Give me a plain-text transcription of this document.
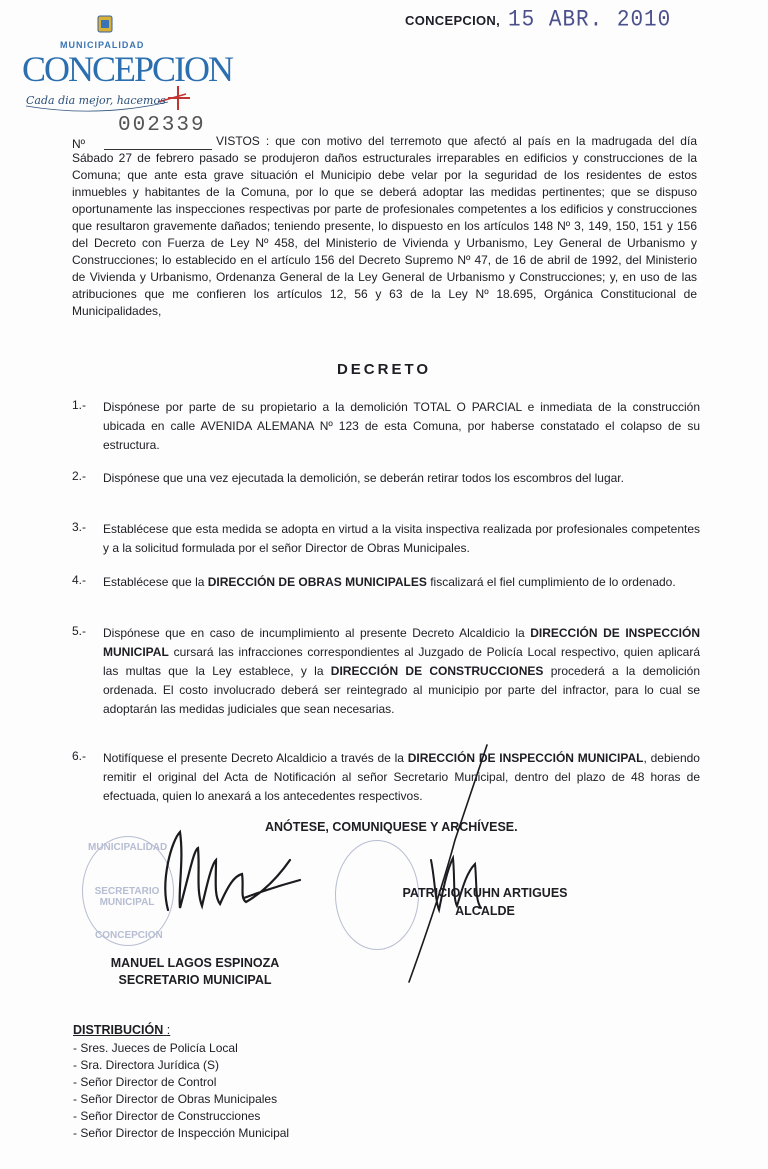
MUNICIPALIDAD
CONCEPCION
Cada dia mejor, hacemos
CONCEPCION, 15 ABR. 2010
002339
Nº	VISTOS : que con motivo del terremoto que afectó al país en la madrugada del día Sábado 27 de febrero pasado se produjeron daños estructurales irreparables en edificios y construcciones de la Comuna; que ante esta grave situación el Municipio debe velar por la seguridad de los residentes de estos inmuebles y habitantes de la Comuna, por lo que se deberá adoptar las medidas pertinentes; que se dispuso oportunamente las inspecciones respectivas por parte de profesionales competentes a los edificios y construcciones que resultaron gravemente dañados; teniendo presente, lo dispuesto en los artículos 148 Nº 3, 149, 150, 151 y 156 del Decreto con Fuerza de Ley Nº 458, del Ministerio de Vivienda y Urbanismo, Ley General de Urbanismo y Construcciones; lo establecido en el artículo 156 del Decreto Supremo Nº 47, de 16 de abril de 1992, del Ministerio de Vivienda y Urbanismo, Ordenanza General de la Ley General de Urbanismo y Construcciones; y, en uso de las atribuciones que me confieren los artículos 12, 56 y 63 de la Ley Nº 18.695, Orgánica Constitucional de Municipalidades,
DECRETO
1.- Dispónese por parte de su propietario a la demolición TOTAL O PARCIAL e inmediata de la construcción ubicada en calle AVENIDA ALEMANA Nº 123 de esta Comuna, por haberse constatado el colapso de su estructura.
2.- Dispónese que una vez ejecutada la demolición, se deberán retirar todos los escombros del lugar.
3.- Establécese que esta medida se adopta en virtud a la visita inspectiva realizada por profesionales competentes y a la solicitud formulada por el señor Director de Obras Municipales.
4.- Establécese que la DIRECCIÓN DE OBRAS MUNICIPALES fiscalizará el fiel cumplimiento de lo ordenado.
5.- Dispónese que en caso de incumplimiento al presente Decreto Alcaldicio la DIRECCIÓN DE INSPECCIÓN MUNICIPAL cursará las infracciones correspondientes al Juzgado de Policía Local respectivo, quien aplicará las multas que la Ley establece, y la DIRECCIÓN DE CONSTRUCCIONES procederá a la demolición ordenada. El costo involucrado deberá ser reintegrado al municipio por parte del infractor, para lo cual se adoptarán las medidas judiciales que sean necesarias.
6.- Notifíquese el presente Decreto Alcaldicio a través de la DIRECCIÓN DE INSPECCIÓN MUNICIPAL, debiendo remitir el original del Acta de Notificación al señor Secretario Municipal, dentro del plazo de 48 horas de efectuada, quien lo anexará a los antecedentes respectivos.
ANÓTESE, COMUNIQUESE Y ARCHÍVESE.
MUNICIPALIDAD
SECRETARIO MUNICIPAL
CONCEPCION
PATRICIO KUHN ARTIGUES
ALCALDE
MANUEL LAGOS ESPINOZA
SECRETARIO MUNICIPAL
DISTRIBUCIÓN :
- Sres. Jueces de Policía Local
- Sra. Directora Jurídica (S)
- Señor Director de Control
- Señor Director de Obras Municipales
- Señor Director de Construcciones
- Señor Director de Inspección Municipal
